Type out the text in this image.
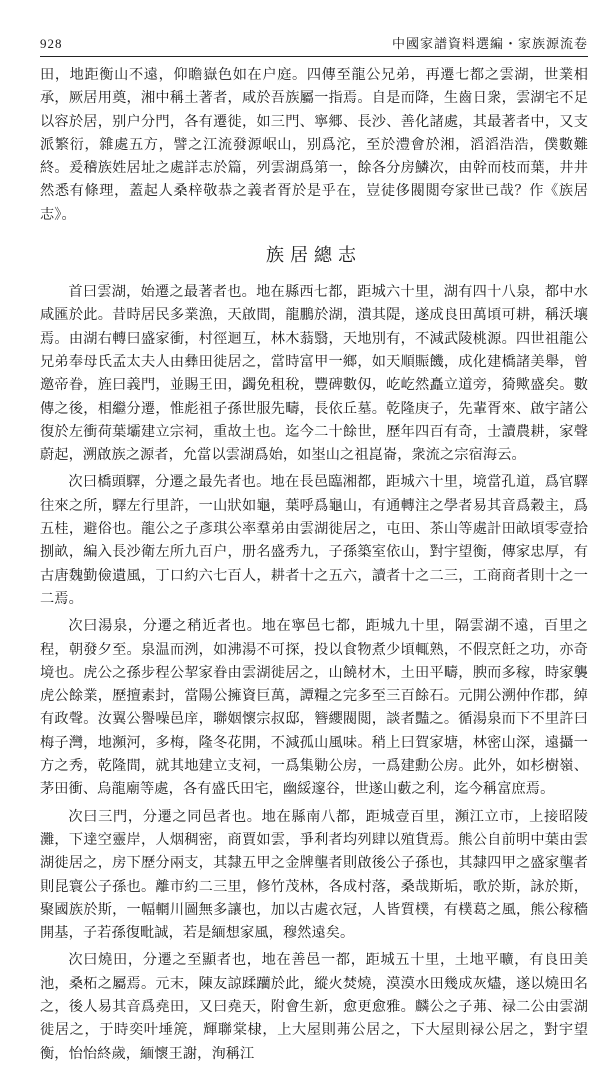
928	中國家譜資料選編・家族源流卷

田，地距衡山不遠，仰瞻嶽色如在户庭。四傳至龍公兄弟，再遷七都之雲湖，世業相承，厥居用奠，湘中稱土著者，咸於吾族屬一指焉。自是而降，生齒日衆，雲湖宅不足以容於居，别户分門，各有遷徙，如三門、寧郷、長沙、善化諸處，其最著者中，又支派繁衍，雜處五方，譬之江流發源岷山，别爲沱，至於澧會於湘，滔滔浩浩，僕數難終。爰稽族姓居址之處詳志於篇，列雲湖爲第一，餘各分房鱗次，由幹而枝而葉，井井然悉有條理，蓋起人桑梓敬恭之義者胥於是乎在，豈徒侈閥閲夸家世已哉？作《族居志》。

族居總志

首曰雲湖，始遷之最著者也。地在縣西七都，距城六十里，湖有四十八泉，都中水咸匯於此。昔時居民多業漁，天啟間，龍鵬於湖，潰其隄，遂成良田萬頃可耕，稱沃壤焉。由湖右轉曰盛家衝，村徑迴互，林木蓊翳，天地別有，不減武陵桃源。四世祖龍公兄弟奉母氏孟太夫人由彝田徙居之，當時富甲一鄉，如天順賑饑，成化建橋諸美舉，曾邀帝眷，旌曰義門，並賜王田，蠲免租稅，豐碑數仭，屹屹然矗立道旁，猗歟盛矣。數傳之後，相繼分遷，惟彪祖子孫世服先疇，長依丘墓。乾隆庚子，先輩胥來、啟宇諸公復於左衝荷葉壩建立宗祠，重故土也。迄今二十餘世，歷年四百有奇，士讀農耕，家聲蔚起，溯啟族之源者，允當以雲湖爲始，如埊山之祖崑崙，衆流之宗宿海云。

次曰橋頭驛，分遷之最先者也。地在長邑臨湘都，距城六十里，境當孔道，爲官驛往來之所，驛左行里許，一山狀如龜，葉呼爲龜山，有通轉注之學者易其音爲穀主，爲五桂，避俗也。龍公之子彥琪公率羣弟由雲湖徙居之，屯田、茶山等處計田畝頃零壹拾捌畝，編入長沙衛左所九百户，册名盛秀九，子孫築室依山，對宇望衡，傳家忠厚，有古唐魏勤儉遺風，丁口約六七百人，耕者十之五六，讀者十之二三，工商商者則十之一二焉。

次曰湯泉，分遷之稍近者也。地在寧邑七都，距城九十里，隔雲湖不遠，百里之程，朝發夕至。泉温而洌，如沸湯不可探，投以食物煮少頃輒熟，不假烹飪之功，亦奇境也。虎公之孫步程公挈家眷由雲湖徙居之，山饒材木，土田平疇，腴而多稼，時家襲虎公餘業，歷擅素封，當陽公擁資巨萬，譚糧之完多至三百餘石。元開公溯仲作郡，綽有政聲。汝翼公譽噪邑庠，聯姻懷宗叔邸，簪纓閥閲，談者豔之。循湯泉而下不里許曰梅子灣，地瀕河，多梅，隆冬花開，不減孤山風味。稍上曰賀家塘，林密山深，遠攝一方之秀，乾隆間，就其地建立支祠，一爲集勦公房，一爲建勳公房。此外，如杉樹嶺、茅田衝、烏龍廟等處，各有盛氏田宅，幽綏邃谷，世遂山藪之利，迄今稱富庶焉。

次曰三門，分遷之同邑者也。地在縣南八都，距城壹百里，瀕江立市，上接昭陵灘，下達空靈岸，人烟稠密，商賈如雲，爭利者均列肆以殖貨焉。熊公自前明中葉由雲湖徙居之，房下歷分兩支，其隸五甲之金牌壟者則啟後公子孫也，其隸四甲之盛家壟者則昆寰公子孫也。離市約二三里，修竹茂林，各成村落，桑哉斯垢，歌於斯，詠於斯，聚國族於斯，一幅輞川圖無多讓也，加以古處衣冠，人皆質樸，有樸葛之風，熊公稼穡開基，子若孫復毗誠，若是緬想家風，穆然遠矣。

次曰燒田，分遷之至顯者也，地在善邑一都，距城五十里，土地平曠，有良田美池，桑柘之屬焉。元末，陳友諒蹂躪於此，縱火焚燒，漠漠水田幾成灰燼，遂以燒田名之，後人易其音爲堯田，又曰堯天，附會生新，愈更愈雅。麟公之子茀、禄二公由雲湖徙居之，于時奕叶埵箎，輝聯棠棣，上大屋則茀公居之，下大屋則禄公居之，對宇望衡，怡怡終歲，緬懷王謝，洵稱江
